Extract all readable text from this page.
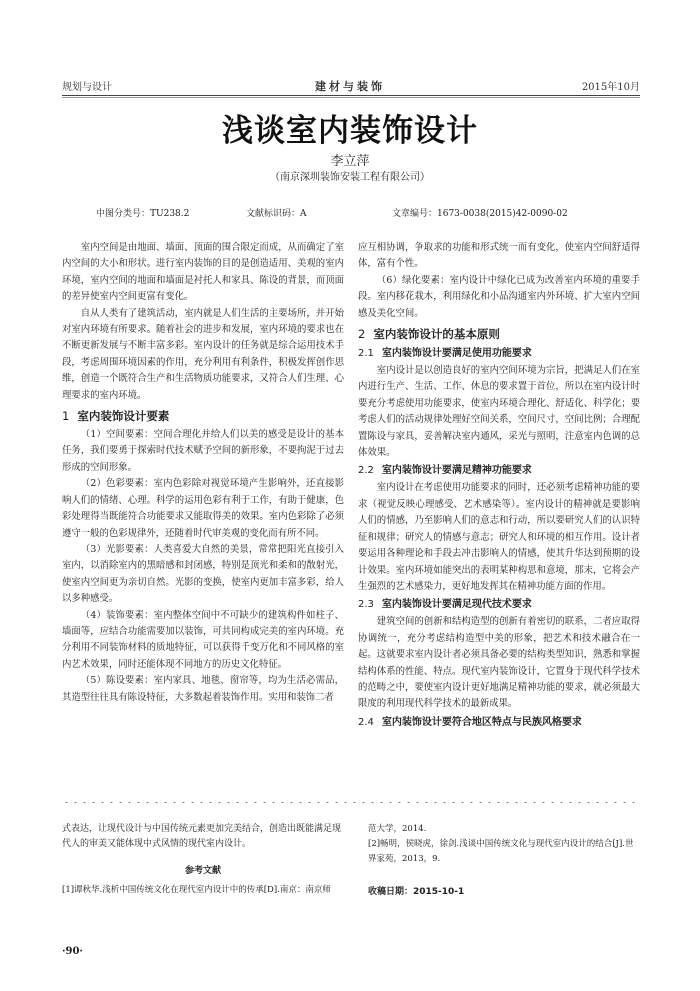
规划与设计	建材与装饰	2015年10月
浅谈室内装饰设计
李立萍
（南京深圳装饰安装工程有限公司）
中图分类号：TU238.2	文献标识码：A	文章编号：1673-0038(2015)42-0090-02

室内空间是由地面、墙面、顶面的围合限定而成，从而确定了室内空间的大小和形状。进行室内装饰的目的是创造适用、美观的室内环境，室内空间的地面和墙面是衬托人和家具、陈设的背景，而顶面的差异使室内空间更富有变化。

自从人类有了建筑活动，室内就是人们生活的主要场所，并开始对室内环境有所要求。随着社会的进步和发展，室内环境的要求也在不断更新发展与不断丰富多彩。室内设计的任务就是综合运用技术手段，考虑周围环境因素的作用，充分利用有利条件，积极发挥创作思维，创造一个既符合生产和生活物质功能要求，又符合人们生理、心理要求的室内环境。

1 室内装饰设计要素

（1）空间要素：空间合理化并给人们以美的感受是设计的基本任务，我们要勇于探索时代技术赋予空间的新形象，不要拘泥于过去形成的空间形象。

（2）色彩要素：室内色彩除对视觉环境产生影响外，还直接影响人们的情绪、心理。科学的运用色彩有利于工作，有助于健康，色彩处理得当既能符合功能要求又能取得美的效果。室内色彩除了必须遵守一般的色彩规律外，还随着时代审美观的变化而有所不同。

（3）光影要素：人类喜爱大自然的美景，常常把阳光直接引入室内，以消除室内的黑暗感和封闭感，特别是顶光和柔和的散射光，使室内空间更为亲切自然。光影的变换，使室内更加丰富多彩，给人以多种感受。

（4）装饰要素：室内整体空间中不可缺少的建筑构件如柱子、墙面等，应结合功能需要加以装饰，可共同构成完美的室内环境。充分利用不同装饰材料的质地特征，可以获得千变万化和不同风格的室内艺术效果，同时还能体现不同地方的历史文化特征。

（5）陈设要素：室内家具、地毯、窗帘等，均为生活必需品，其造型往往具有陈设特征，大多数起着装饰作用。实用和装饰二者

应互相协调，争取求的功能和形式统一而有变化，使室内空间舒适得体，富有个性。

（6）绿化要素：室内设计中绿化已成为改善室内环境的重要手段。室内移花栽木，利用绿化和小品沟通室内外环境、扩大室内空间感及美化空间。

2 室内装饰设计的基本原则
2.1 室内装饰设计要满足使用功能要求

室内设计是以创造良好的室内空间环境为宗旨，把满足人们在室内进行生产、生活、工作、休息的要求置于首位，所以在室内设计时要充分考虑使用功能要求，使室内环境合理化、舒适化、科学化；要考虑人们的活动规律处理好空间关系，空间尺寸，空间比例；合理配置陈设与家具，妥善解决室内通风，采光与照明，注意室内色调的总体效果。

2.2 室内装饰设计要满足精神功能要求

室内设计在考虑使用功能要求的同时，还必须考虑精神功能的要求（视觉反映心理感受、艺术感染等）。室内设计的精神就是要影响人们的情感，乃至影响人们的意志和行动，所以要研究人们的认识特征和规律；研究人的情感与意志；研究人和环境的相互作用。设计者要运用各种理论和手段去冲击影响人的情感，使其升华达到预期的设计效果。室内环境如能突出的表明某种构思和意境，那末，它将会产生强烈的艺术感染力，更好地发挥其在精神功能方面的作用。

2.3 室内装饰设计要满足现代技术要求

建筑空间的创新和结构造型的创新有着密切的联系，二者应取得协调统一，充分考虑结构造型中美的形象，把艺术和技术融合在一起。这就要求室内设计者必须具备必要的结构类型知识，熟悉和掌握结构体系的性能、特点。现代室内装饰设计，它置身于现代科学技术的范畴之中，要使室内设计更好地满足精神功能的要求，就必须最大限度的利用现代科学技术的最新成果。

2.4 室内装饰设计要符合地区特点与民族风格要求

式表达，让现代设计与中国传统元素更加完美结合，创造出既能满足现代人的审美又能体现中式风情的现代室内设计。

参考文献

[1]谭秋华.浅析中国传统文化在现代室内设计中的传承[D].南京：南京师

范大学，2014.

[2]畅明，侯晓虎，徐剑.浅谈中国传统文化与现代室内设计的结合[J].世界家苑，2013，9.

收稿日期：2015-10-1

·90·
